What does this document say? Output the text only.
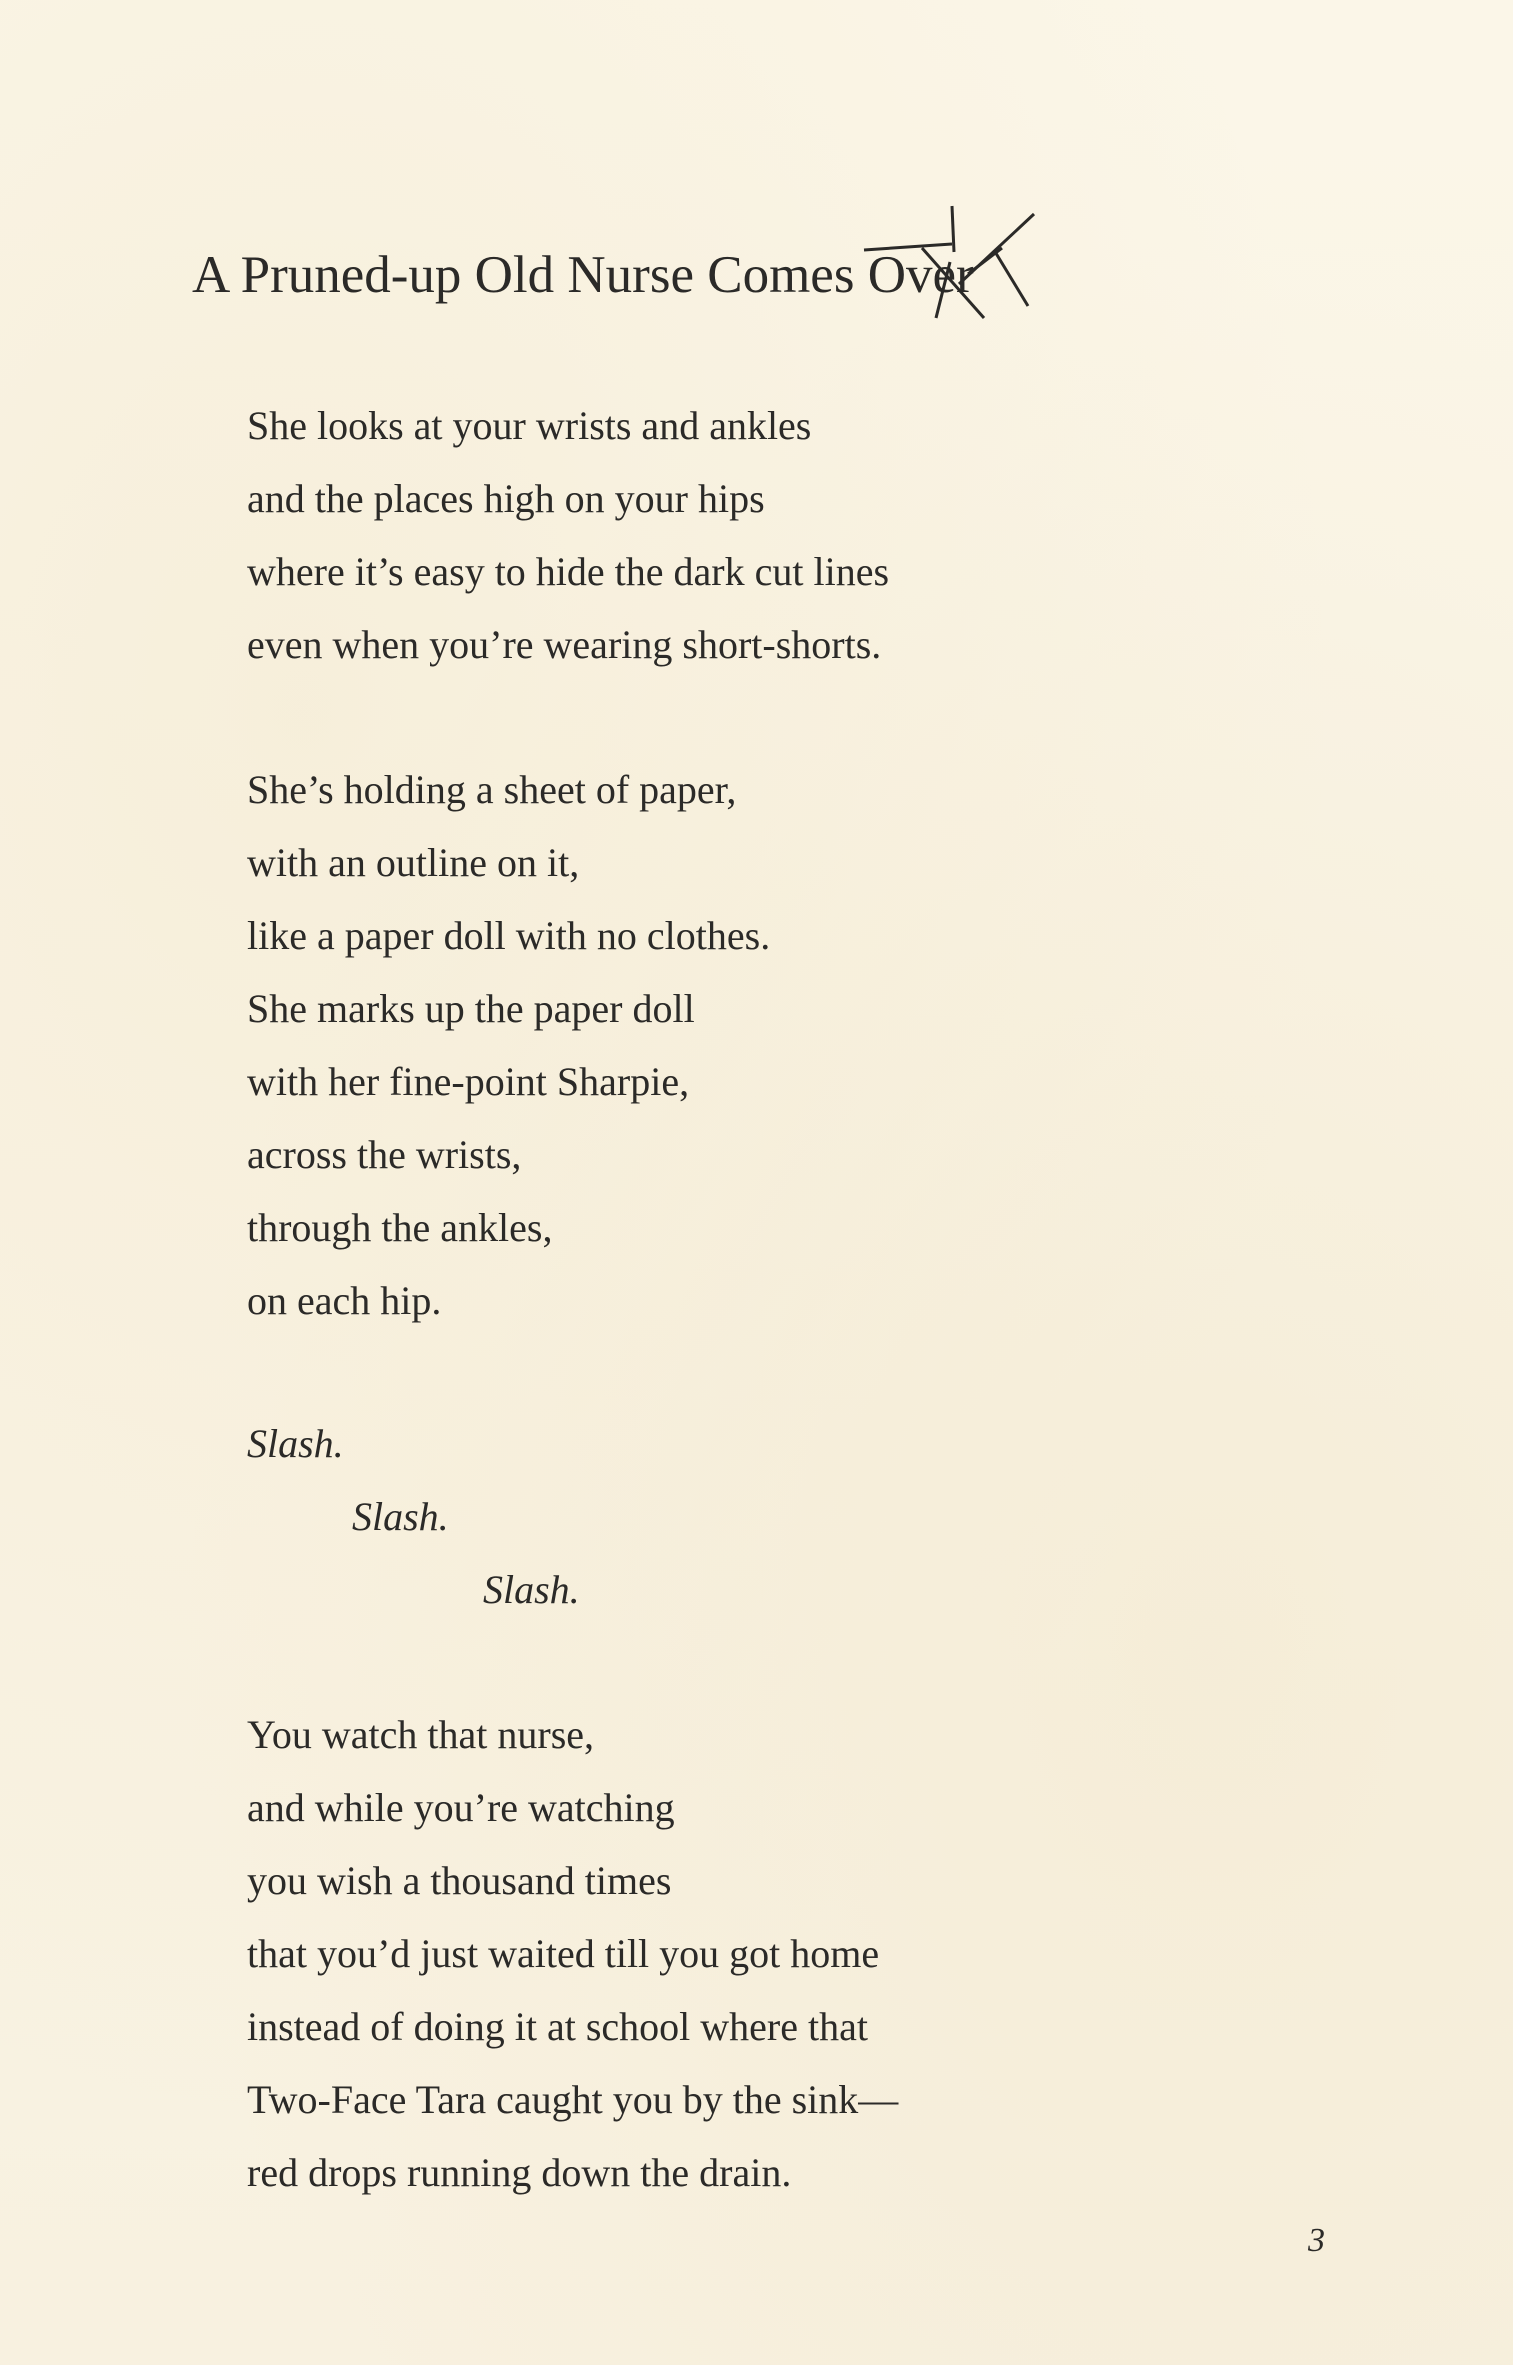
A Pruned-up Old Nurse Comes Over

She looks at your wrists and ankles

and the places high on your hips

where it’s easy to hide the dark cut lines

even when you’re wearing short-shorts.

She’s holding a sheet of paper,

with an outline on it,

like a paper doll with no clothes.

She marks up the paper doll

with her fine-point Sharpie,

across the wrists,

through the ankles,

on each hip.

Slash.

Slash.

Slash.

You watch that nurse,

and while you’re watching

you wish a thousand times

that you’d just waited till you got home

instead of doing it at school where that

Two-Face Tara caught you by the sink—

red drops running down the drain.

3
